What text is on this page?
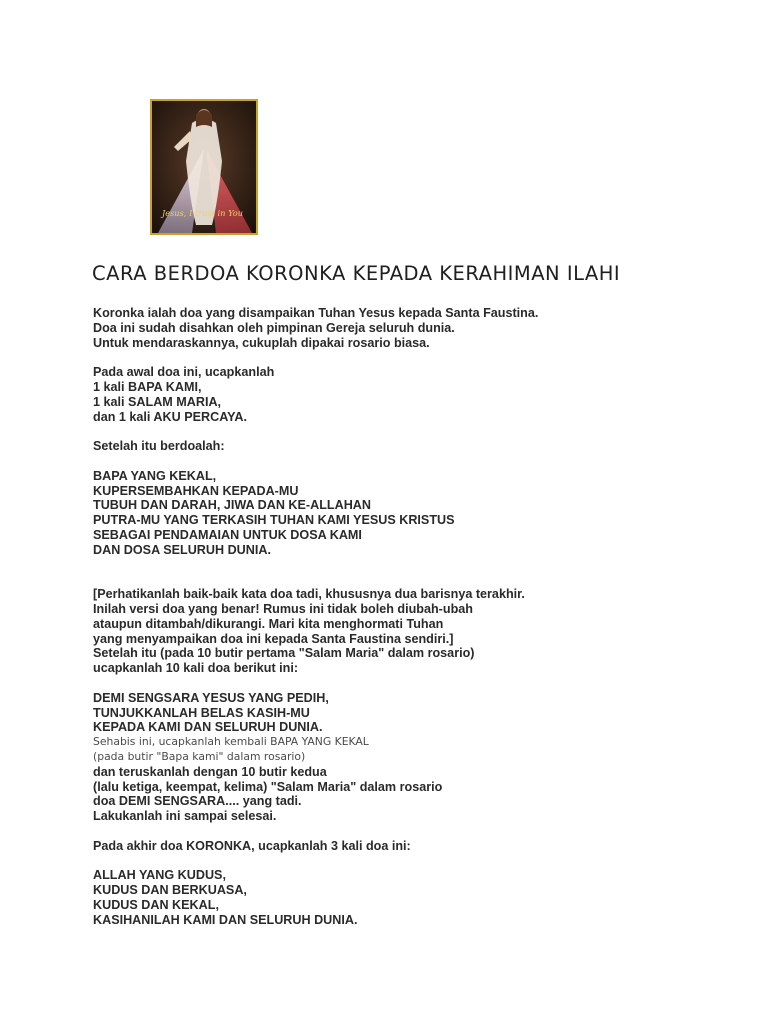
Jesus, I trust in You
CARA BERDOA KORONKA KEPADA KERAHIMAN ILAHI
Koronka ialah doa yang disampaikan Tuhan Yesus kepada Santa Faustina.
Doa ini sudah disahkan oleh pimpinan Gereja seluruh dunia.
Untuk mendaraskannya, cukuplah dipakai rosario biasa.
Pada awal doa ini, ucapkanlah
1 kali BAPA KAMI,
1 kali SALAM MARIA,
dan 1 kali AKU PERCAYA.
Setelah itu berdoalah:
BAPA YANG KEKAL,
KUPERSEMBAHKAN KEPADA-MU
TUBUH DAN DARAH, JIWA DAN KE-ALLAHAN
PUTRA-MU YANG TERKASIH TUHAN KAMI YESUS KRISTUS
SEBAGAI PENDAMAIAN UNTUK DOSA KAMI
DAN DOSA SELURUH DUNIA.
[Perhatikanlah baik-baik kata doa tadi, khususnya dua barisnya terakhir.
Inilah versi doa yang benar! Rumus ini tidak boleh diubah-ubah
ataupun ditambah/dikurangi. Mari kita menghormati Tuhan
yang menyampaikan doa ini kepada Santa Faustina sendiri.]
Setelah itu (pada 10 butir pertama "Salam Maria" dalam rosario)
ucapkanlah 10 kali doa berikut ini:
DEMI SENGSARA YESUS YANG PEDIH,
TUNJUKKANLAH BELAS KASIH-MU
KEPADA KAMI DAN SELURUH DUNIA.
Sehabis ini, ucapkanlah kembali BAPA YANG KEKAL
(pada butir "Bapa kami" dalam rosario)
dan teruskanlah dengan 10 butir kedua
(lalu ketiga, keempat, kelima) "Salam Maria" dalam rosario
doa DEMI SENGSARA.... yang tadi.
Lakukanlah ini sampai selesai.
Pada akhir doa KORONKA, ucapkanlah 3 kali doa ini:
ALLAH YANG KUDUS,
KUDUS DAN BERKUASA,
KUDUS DAN KEKAL,
KASIHANILAH KAMI DAN SELURUH DUNIA.
